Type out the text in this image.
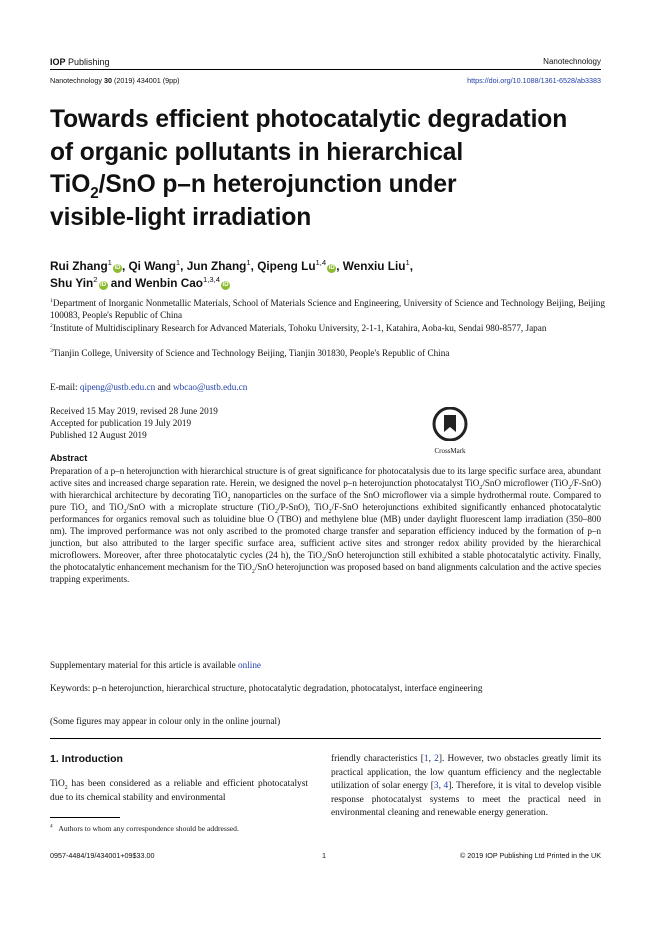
IOP Publishing	Nanotechnology
Nanotechnology 30 (2019) 434001 (9pp)	https://doi.org/10.1088/1361-6528/ab3383
Towards efficient photocatalytic degradation
of organic pollutants in hierarchical
TiO$_2$/SnO p–n heterojunction under
visible-light irradiation
Rui Zhang$^1$iD , Qi Wang$^1$, Jun Zhang$^1$, Qipeng Lu$^{1,4}$iD , Wenxiu Liu$^1$,
Shu Yin$^2$iD and Wenbin Cao$^{1,3,4}$iD
$^1$Department of Inorganic Nonmetallic Materials, School of Materials Science and Engineering, University of Science and Technology Beijing, Beijing 100083, People's Republic of China
$^2$Institute of Multidisciplinary Research for Advanced Materials, Tohoku University, 2-1-1, Katahira, Aoba-ku, Sendai 980-8577, Japan
$^3$Tianjin College, University of Science and Technology Beijing, Tianjin 301830, People's Republic of China
E-mail: qipeng@ustb.edu.cn and wbcao@ustb.edu.cn
Received 15 May 2019, revised 28 June 2019
Accepted for publication 19 July 2019
Published 12 August 2019
CrossMark
Abstract
Preparation of a p–n heterojunction with hierarchical structure is of great significance for photocatalysis due to its large specific surface area, abundant active sites and increased charge separation rate. Herein, we designed the novel p–n heterojunction photocatalyst TiO$_2$/SnO microflower (TiO$_2$/F-SnO) with hierarchical architecture by decorating TiO$_2$ nanoparticles on the surface of the SnO microflower via a simple hydrothermal route. Compared to pure TiO$_2$ and TiO$_2$/SnO with a microplate structure (TiO$_2$/P-SnO), TiO$_2$/F-SnO heterojunctions exhibited significantly enhanced photocatalytic performances for organics removal such as toluidine blue O (TBO) and methylene blue (MB) under daylight fluorescent lamp irradiation (350–800 nm). The improved performance was not only ascribed to the promoted charge transfer and separation efficiency induced by the formation of p–n junction, but also attributed to the larger specific surface area, sufficient active sites and stronger redox ability provided by the hierarchical microflowers. Moreover, after three photocatalytic cycles (24 h), the TiO$_2$/SnO heterojunction still exhibited a stable photocatalytic activity. Finally, the photocatalytic enhancement mechanism for the TiO$_2$/SnO heterojunction was proposed based on band alignments calculation and the active species trapping experiments.
Supplementary material for this article is available online
Keywords: p–n heterojunction, hierarchical structure, photocatalytic degradation, photocatalyst, interface engineering
(Some figures may appear in colour only in the online journal)
1. Introduction
TiO$_2$ has been considered as a reliable and efficient photocatalyst due to its chemical stability and environmental
friendly characteristics [1, 2]. However, two obstacles greatly limit its practical application, the low quantum efficiency and the neglectable utilization of solar energy [3, 4]. Therefore, it is vital to develop visible response photocatalyst systems to meet the practical need in environmental cleaning and renewable energy generation.
$^4$ Authors to whom any correspondence should be addressed.
0957-4484/19/434001+09$33.00	1	© 2019 IOP Publishing Ltd Printed in the UK
